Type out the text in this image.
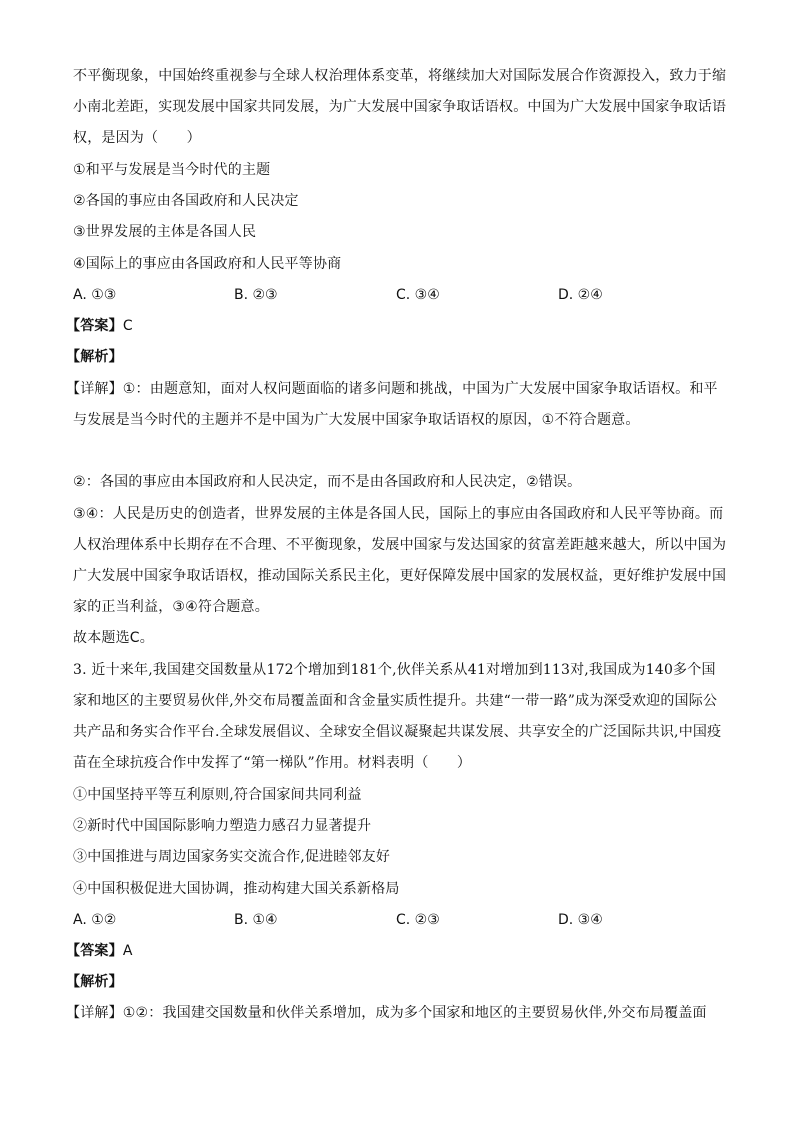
不平衡现象，中国始终重视参与全球人权治理体系变革，将继续加大对国际发展合作资源投入，致力于缩
小南北差距，实现发展中国家共同发展，为广大发展中国家争取话语权。中国为广大发展中国家争取话语
权，是因为（　　）
①和平与发展是当今时代的主题
②各国的事应由各国政府和人民决定
③世界发展的主体是各国人民
④国际上的事应由各国政府和人民平等协商
A. ①③	B. ②③	C. ③④	D. ②④
【答案】C
【解析】
【详解】①：由题意知，面对人权问题面临的诸多问题和挑战，中国为广大发展中国家争取话语权。和平
与发展是当今时代的主题并不是中国为广大发展中国家争取话语权的原因，①不符合题意。
②：各国的事应由本国政府和人民决定，而不是由各国政府和人民决定，②错误。
③④：人民是历史的创造者，世界发展的主体是各国人民，国际上的事应由各国政府和人民平等协商。而
人权治理体系中长期存在不合理、不平衡现象，发展中国家与发达国家的贫富差距越来越大，所以中国为
广大发展中国家争取话语权，推动国际关系民主化，更好保障发展中国家的发展权益，更好维护发展中国
家的正当利益，③④符合题意。
故本题选C。
3. 近十来年,我国建交国数量从172个增加到181个,伙伴关系从41对增加到113对,我国成为140多个国
家和地区的主要贸易伙伴,外交布局覆盖面和含金量实质性提升。共建“一带一路”成为深受欢迎的国际公
共产品和务实合作平台.全球发展倡议、全球安全倡议凝聚起共谋发展、共享安全的广泛国际共识,中国疫
苗在全球抗疫合作中发挥了“第一梯队”作用。材料表明（　　）
①中国坚持平等互利原则,符合国家间共同利益
②新时代中国国际影响力塑造力感召力显著提升
③中国推进与周边国家务实交流合作,促进睦邻友好
④中国积极促进大国协调，推动构建大国关系新格局
A. ①②	B. ①④	C. ②③	D. ③④
【答案】A
【解析】
【详解】①②：我国建交国数量和伙伴关系增加，成为多个国家和地区的主要贸易伙伴,外交布局覆盖面
